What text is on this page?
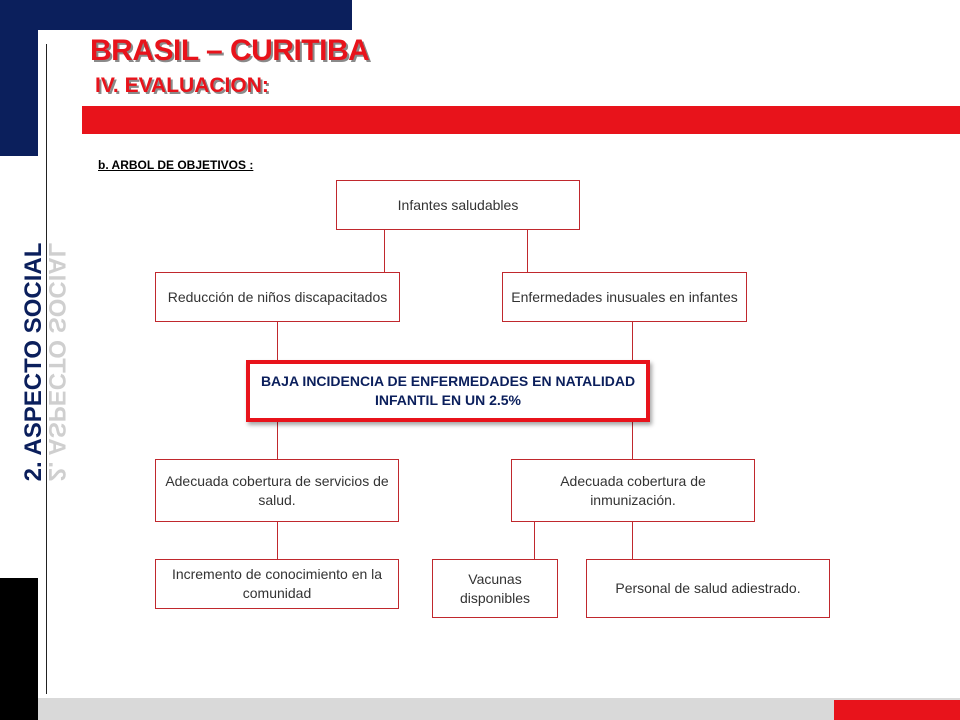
BRASIL – CURITIBA
IV. EVALUACION:
2. ASPECTO SOCIAL
2. ASPECTO SOCIAL
b. ARBOL DE OBJETIVOS :
Infantes saludables
Reducción de niños discapacitados	Enfermedades inusuales en infantes
BAJA INCIDENCIA DE ENFERMEDADES EN NATALIDAD INFANTIL EN UN 2.5%
Adecuada cobertura de servicios de salud.
Adecuada cobertura de inmunización.
Incremento de conocimiento en la comunidad
Vacunas disponibles
Personal de salud adiestrado.
